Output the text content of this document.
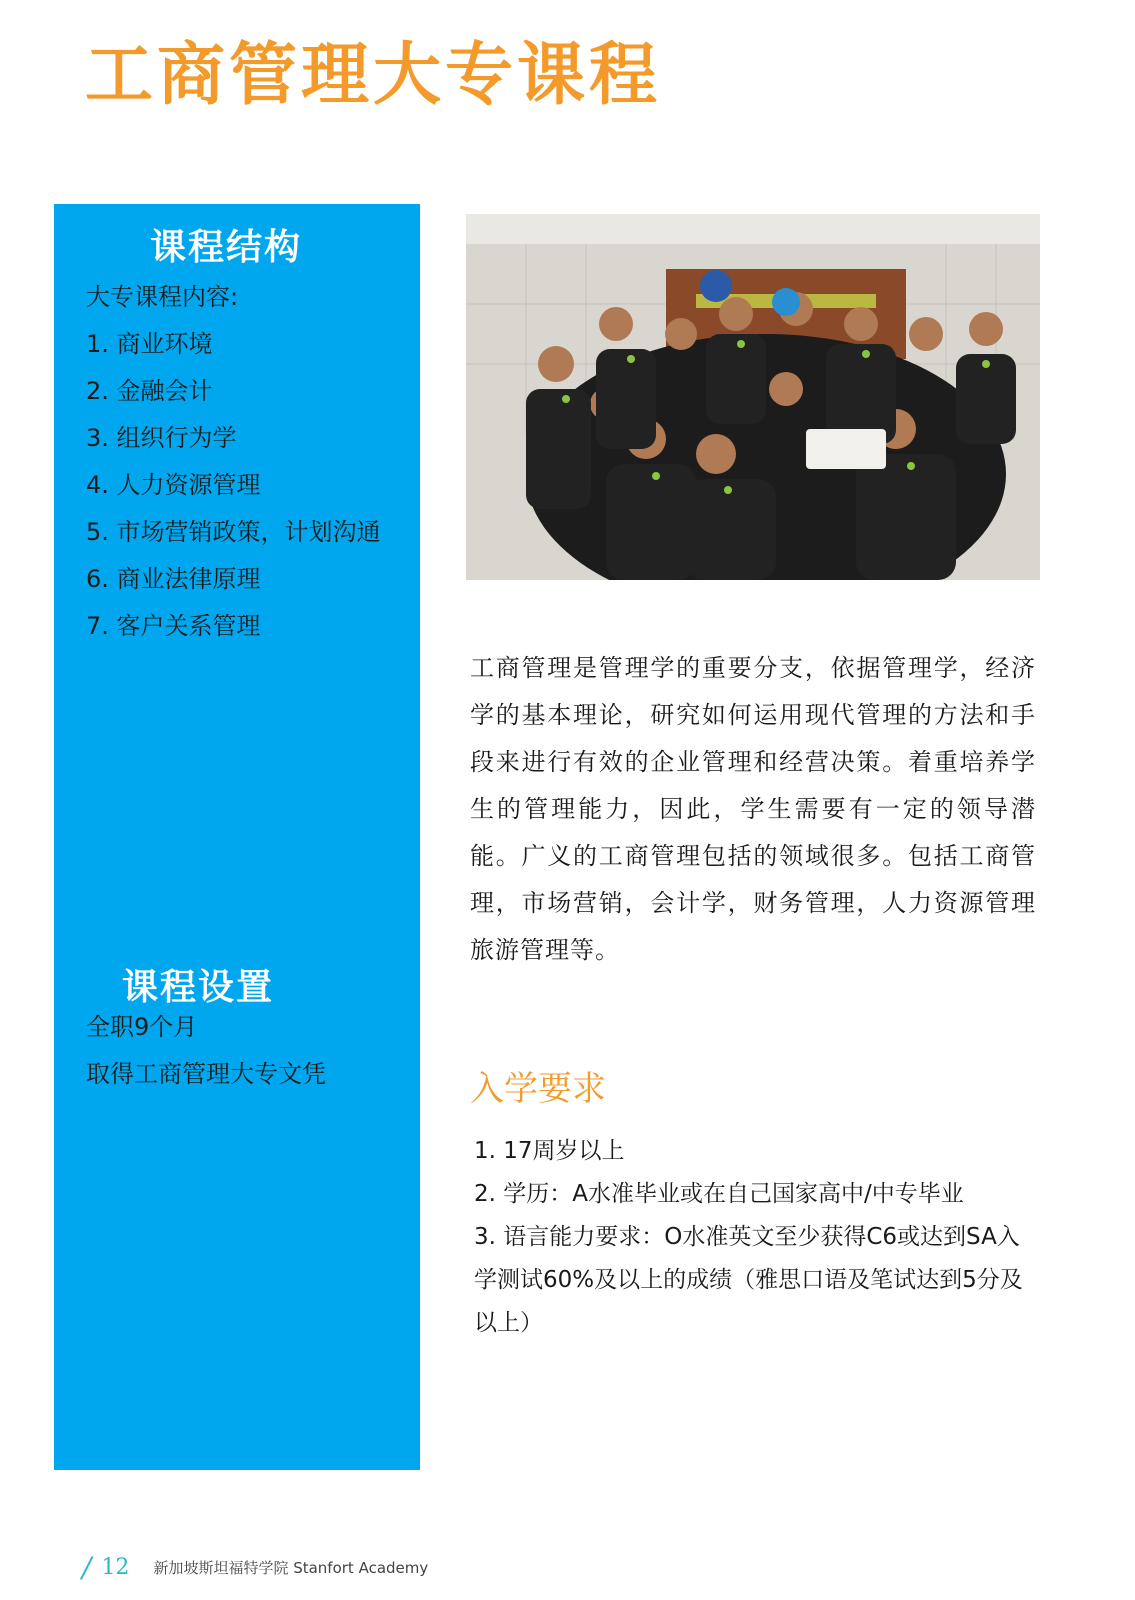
工商管理大专课程
课程结构
大专课程内容:
1. 商业环境
2. 金融会计
3. 组织行为学
4. 人力资源管理
5. 市场营销政策，计划沟通
6. 商业法律原理
7. 客户关系管理
课程设置
全职9个月
取得工商管理大专文凭
工商管理是管理学的重要分支，依据管理学，经济学的基本理论，研究如何运用现代管理的方法和手段来进行有效的企业管理和经营决策。着重培养学生的管理能力，因此，学生需要有一定的领导潜能。广义的工商管理包括的领域很多。包括工商管理，市场营销，会计学，财务管理，人力资源管理旅游管理等。
入学要求
1. 17周岁以上
2. 学历：A水准毕业或在自己国家高中/中专毕业
3. 语言能力要求：O水准英文至少获得C6或达到SA入学测试60%及以上的成绩（雅思口语及笔试达到5分及以上）
/ 12 新加坡斯坦福特学院 Stanfort Academy
